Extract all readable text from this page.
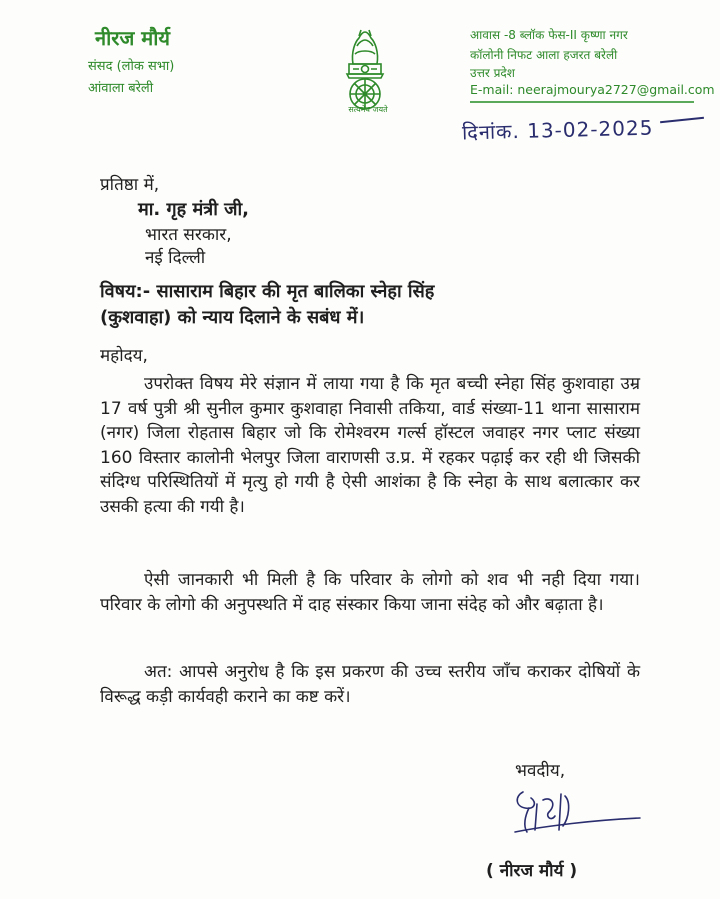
नीरज मौर्य
संसद (लोक सभा)
आंवाला बरेली
सत्यमेव जयते
आवास -8 ब्लॉक फेस-II कृष्णा नगर
कॉलोनी निफट आला हजरत बरेली
उत्तर प्रदेश
E-mail: neerajmourya2727@gmail.com
दिनांक. 13-02-2025
प्रतिष्ठा में,
मा. गृह मंत्री जी,
भारत सरकार,
नई दिल्ली
विषय:- सासाराम बिहार की मृत बालिका स्नेहा सिंह
(कुशवाहा) को न्याय दिलाने के सबंध में।
महोदय,
उपरोक्त विषय मेरे संज्ञान में लाया गया है कि मृत बच्ची स्नेहा सिंह कुशवाहा उम्र 17 वर्ष पुत्री श्री सुनील कुमार कुशवाहा निवासी तकिया, वार्ड संख्या-11 थाना सासाराम (नगर) जिला रोहतास बिहार जो कि रोमेश्वरम गर्ल्स हॉस्टल जवाहर नगर प्लाट संख्या 160 विस्तार कालोनी भेलपुर जिला वाराणसी उ.प्र. में रहकर पढ़ाई कर रही थी जिसकी संदिग्ध परिस्थितियों में मृत्यु हो गयी है ऐसी आशंका है कि स्नेहा के साथ बलात्कार कर उसकी हत्या की गयी है।
ऐसी जानकारी भी मिली है कि परिवार के लोगो को शव भी नही दिया गया। परिवार के लोगो की अनुपस्थति में दाह संस्कार किया जाना संदेह को और बढ़ाता है।
अत: आपसे अनुरोध है कि इस प्रकरण की उच्च स्तरीय जाँच कराकर दोषियों के विरूद्ध कड़ी कार्यवही कराने का कष्ट करें।
भवदीय,
( नीरज मौर्य )
